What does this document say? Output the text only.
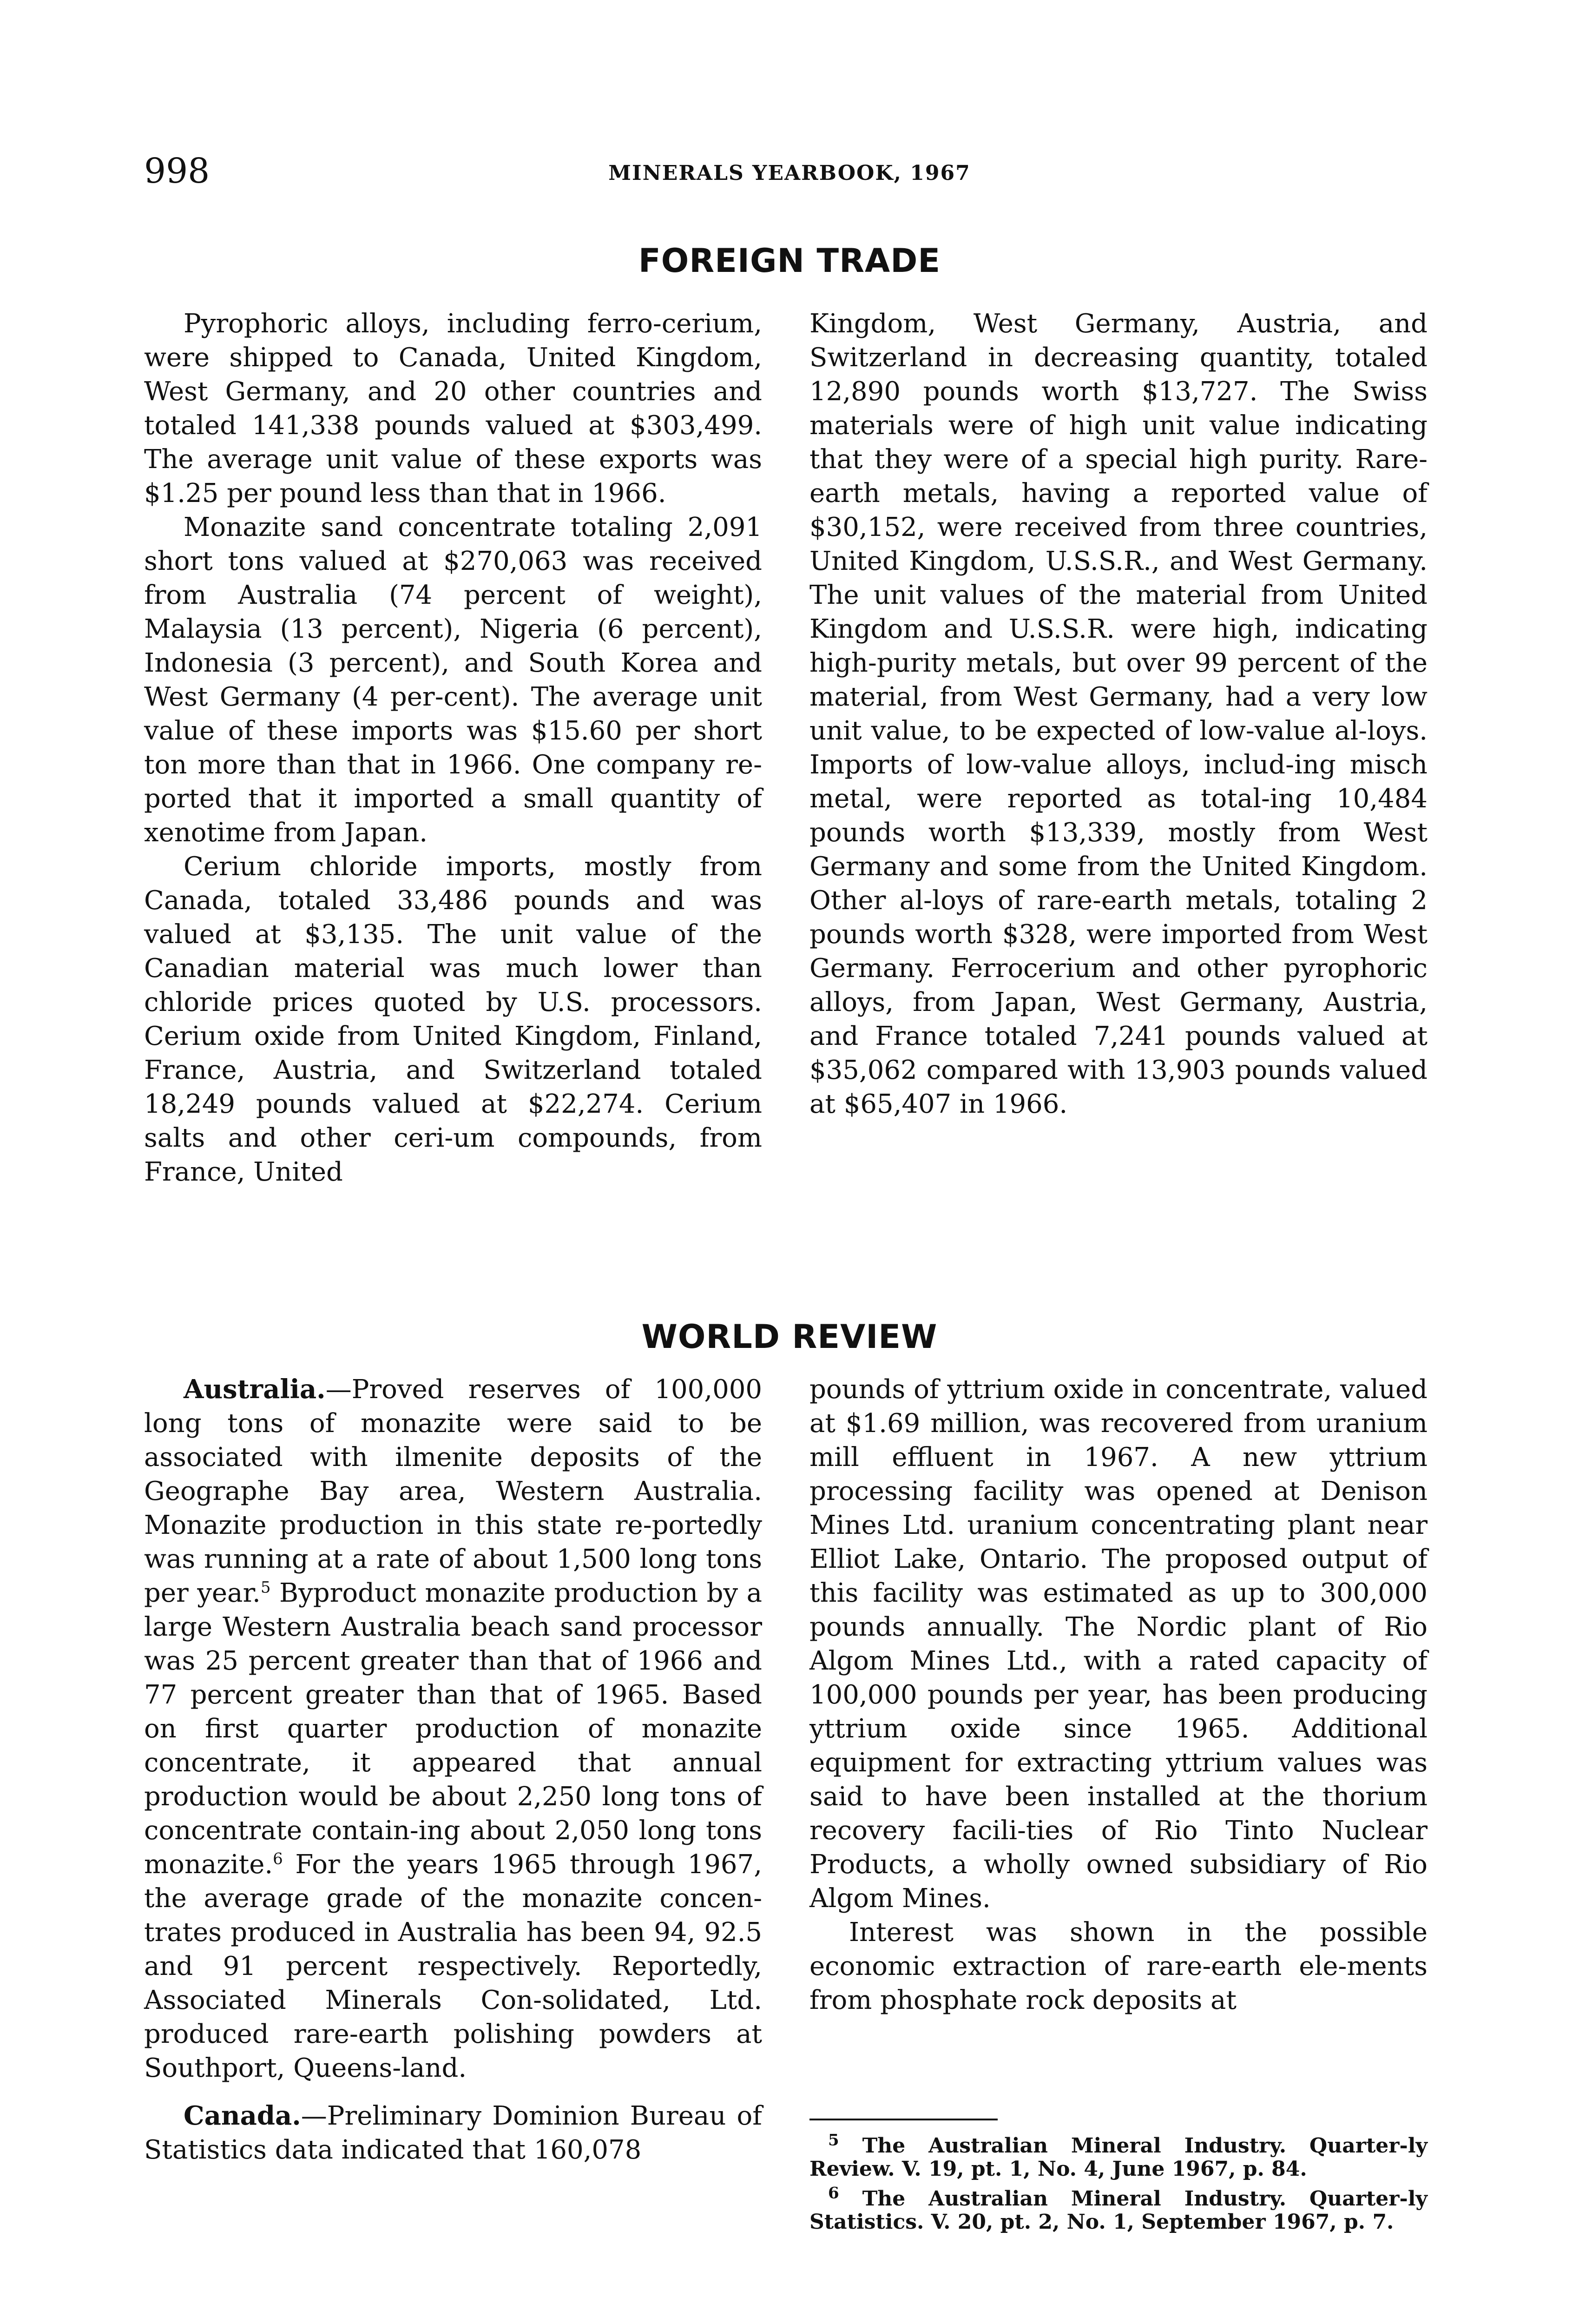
998	MINERALS YEARBOOK, 1967
FOREIGN TRADE

Pyrophoric alloys, including ferro-cerium, were shipped to Canada, United Kingdom, West Germany, and 20 other countries and totaled 141,338 pounds valued at $303,499. The average unit value of these exports was $1.25 per pound less than that in 1966.

Monazite sand concentrate totaling 2,091 short tons valued at $270,063 was received from Australia (74 percent of weight), Malaysia (13 percent), Nigeria (6 percent), Indonesia (3 percent), and South Korea and West Germany (4 per-cent). The average unit value of these imports was $15.60 per short ton more than that in 1966. One company re-ported that it imported a small quantity of xenotime from Japan.

Cerium chloride imports, mostly from Canada, totaled 33,486 pounds and was valued at $3,135. The unit value of the Canadian material was much lower than chloride prices quoted by U.S. processors. Cerium oxide from United Kingdom, Finland, France, Austria, and Switzerland totaled 18,249 pounds valued at $22,274. Cerium salts and other ceri-um compounds, from France, United

Kingdom, West Germany, Austria, and Switzerland in decreasing quantity, totaled 12,890 pounds worth $13,727. The Swiss materials were of high unit value indicating that they were of a special high purity. Rare-earth metals, having a reported value of $30,152, were received from three countries, United Kingdom, U.S.S.R., and West Germany. The unit values of the material from United Kingdom and U.S.S.R. were high, indicating high-purity metals, but over 99 percent of the material, from West Germany, had a very low unit value, to be expected of low-value al-loys. Imports of low-value alloys, includ-ing misch metal, were reported as total-ing 10,484 pounds worth $13,339, mostly from West Germany and some from the United Kingdom. Other al-loys of rare-earth metals, totaling 2 pounds worth $328, were imported from West Germany. Ferrocerium and other pyrophoric alloys, from Japan, West Germany, Austria, and France totaled 7,241 pounds valued at $35,062 compared with 13,903 pounds valued at $65,407 in 1966.

WORLD REVIEW

Australia.—Proved reserves of 100,000 long tons of monazite were said to be associated with ilmenite deposits of the Geographe Bay area, Western Australia. Monazite production in this state re-portedly was running at a rate of about 1,500 long tons per year.$^5$ Byproduct monazite production by a large Western Australia beach sand processor was 25 percent greater than that of 1966 and 77 percent greater than that of 1965. Based on first quarter production of monazite concentrate, it appeared that annual production would be about 2,250 long tons of concentrate contain-ing about 2,050 long tons monazite.$^6$ For the years 1965 through 1967, the average grade of the monazite concen-trates produced in Australia has been 94, 92.5 and 91 percent respectively. Reportedly, Associated Minerals Con-solidated, Ltd. produced rare-earth polishing powders at Southport, Queens-land.

Canada.—Preliminary Dominion Bureau of Statistics data indicated that 160,078

pounds of yttrium oxide in concentrate, valued at $1.69 million, was recovered from uranium mill effluent in 1967. A new yttrium processing facility was opened at Denison Mines Ltd. uranium concentrating plant near Elliot Lake, Ontario. The proposed output of this facility was estimated as up to 300,000 pounds annually. The Nordic plant of Rio Algom Mines Ltd., with a rated capacity of 100,000 pounds per year, has been producing yttrium oxide since 1965. Additional equipment for extracting yttrium values was said to have been installed at the thorium recovery facili-ties of Rio Tinto Nuclear Products, a wholly owned subsidiary of Rio Algom Mines.

Interest was shown in the possible economic extraction of rare-earth ele-ments from phosphate rock deposits at

$^5$ The Australian Mineral Industry. Quarter-ly Review. V. 19, pt. 1, No. 4, June 1967, p. 84.

$^6$ The Australian Mineral Industry. Quarter-ly Statistics. V. 20, pt. 2, No. 1, September 1967, p. 7.
